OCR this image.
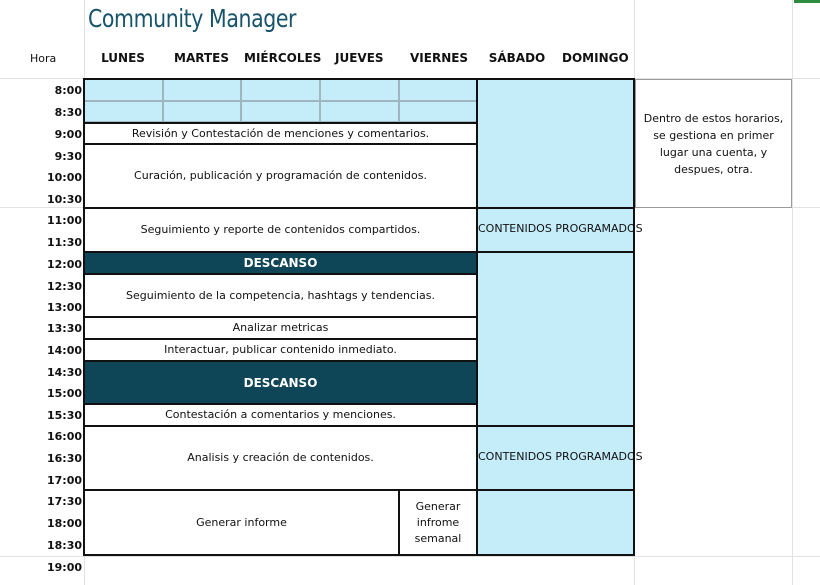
Community Manager
Hora	LUNES MARTES MIÉRCOLES JUEVES VIERNES SÁBADO DOMINGO
8:00
8:30
9:00
9:30
10:00
10:30
11:00
11:30
12:00
12:30
13:00
13:30
14:00
14:30
15:00
15:30
16:00
16:30
17:00
17:30
18:00
18:30
19:00
Revisión y Contestación de menciones y comentarios.
Curación, publicación y programación de contenidos.
Seguimiento y reporte de contenidos compartidos.
DESCANSO
Seguimiento de la competencia, hashtags y tendencias.
Analizar metricas
Interactuar, publicar contenido inmediato.
DESCANSO
Contestación a comentarios y menciones.
Analisis y creación de contenidos.
Generar informe
Generar infrome semanal
CONTENIDOS PROGRAMADOS
CONTENIDOS PROGRAMADOS
Dentro de estos horarios, se gestiona en primer lugar una cuenta, y despues, otra.
